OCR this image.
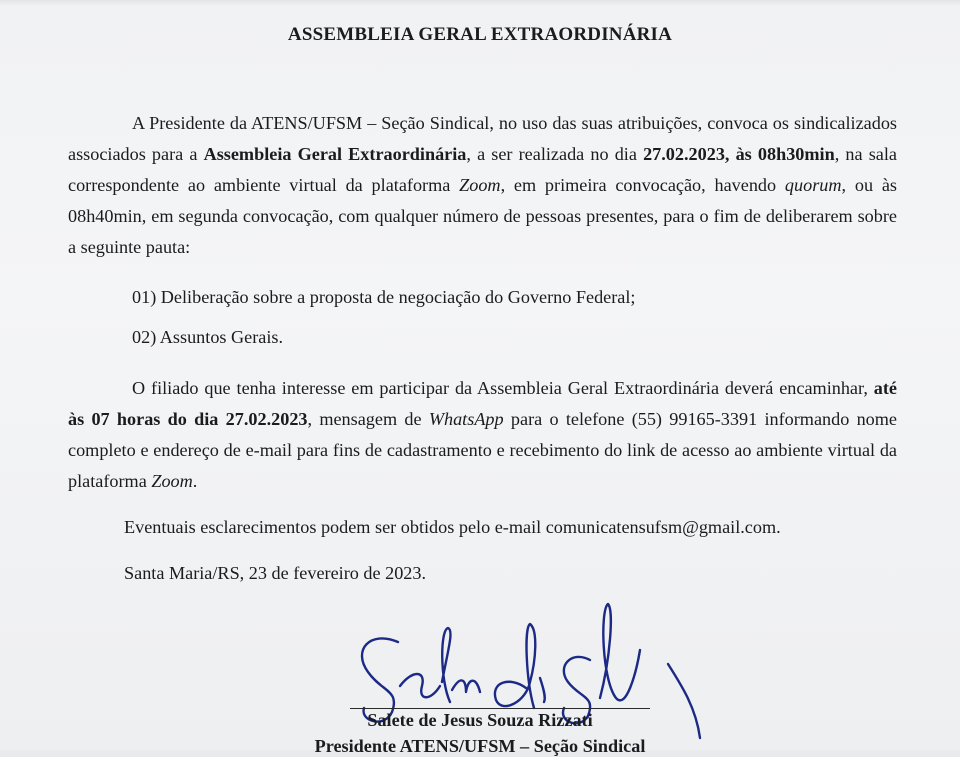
ASSEMBLEIA GERAL EXTRAORDINÁRIA

A Presidente da ATENS/UFSM – Seção Sindical, no uso das suas atribuições, convoca os sindicalizados associados para a Assembleia Geral Extraordinária, a ser realizada no dia 27.02.2023, às 08h30min, na sala correspondente ao ambiente virtual da plataforma Zoom, em primeira convocação, havendo quorum, ou às 08h40min, em segunda convocação, com qualquer número de pessoas presentes, para o fim de deliberarem sobre a seguinte pauta:

01) Deliberação sobre a proposta de negociação do Governo Federal;
02) Assuntos Gerais.

O filiado que tenha interesse em participar da Assembleia Geral Extraordinária deverá encaminhar, até às 07 horas do dia 27.02.2023, mensagem de WhatsApp para o telefone (55) 99165-3391 informando nome completo e endereço de e-mail para fins de cadastramento e recebimento do link de acesso ao ambiente virtual da plataforma Zoom.

Eventuais esclarecimentos podem ser obtidos pelo e-mail comunicatensufsm@gmail.com.
Santa Maria/RS, 23 de fevereiro de 2023.
Salete de Jesus Souza Rizzati
Presidente ATENS/UFSM – Seção Sindical
